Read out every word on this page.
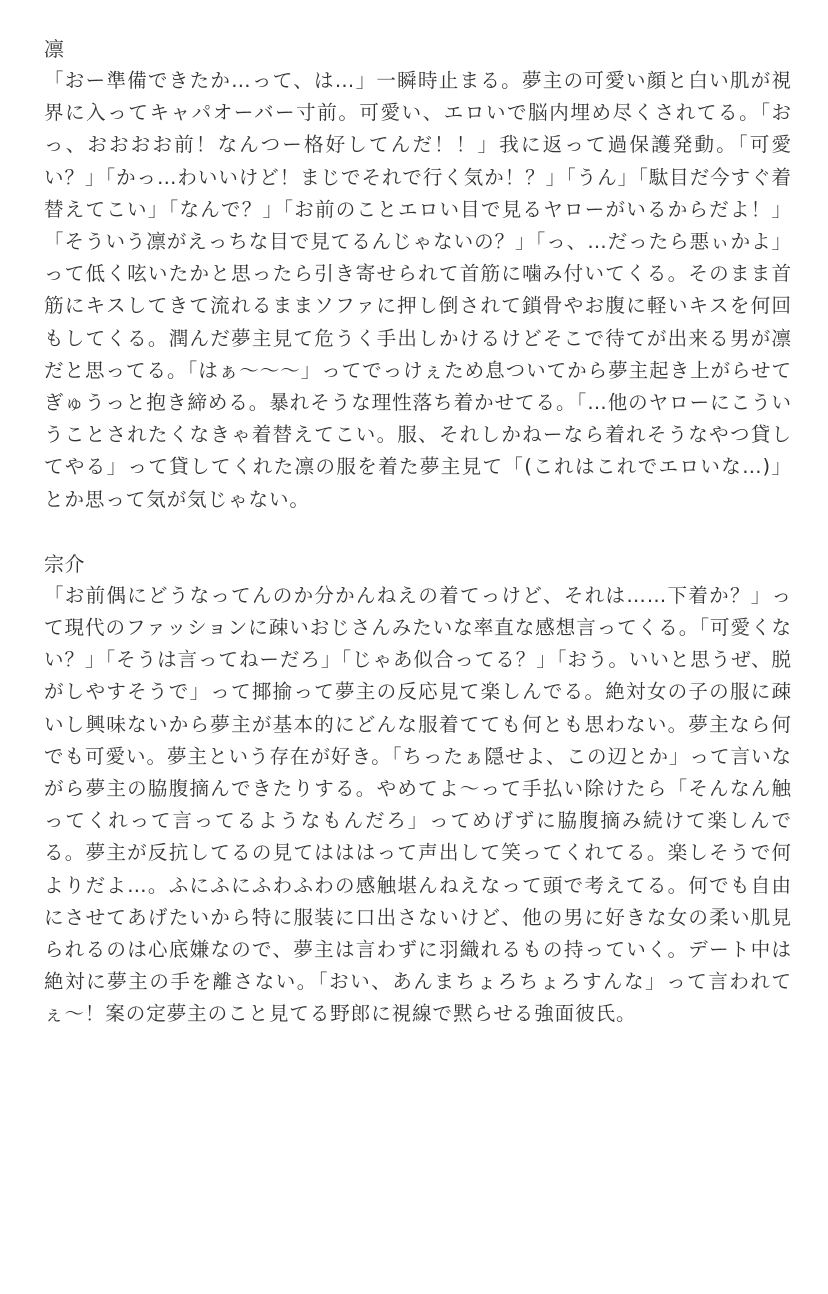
凛

「おー準備できたか…って、は…」一瞬時止まる。夢主の可愛い顔と白い肌が視界に入ってキャパオーバー寸前。可愛い、エロいで脳内埋め尽くされてる。「おっ、おおおお前！なんつー格好してんだ！！」我に返って過保護発動。「可愛い？」「かっ…わいいけど！まじでそれで行く気か！？」「うん」「駄目だ今すぐ着替えてこい」「なんで？」「お前のことエロい目で見るヤローがいるからだよ！」「そういう凛がえっちな目で見てるんじゃないの？」「っ、…だったら悪ぃかよ」って低く呟いたかと思ったら引き寄せられて首筋に噛み付いてくる。そのまま首筋にキスしてきて流れるままソファに押し倒されて鎖骨やお腹に軽いキスを何回もしてくる。潤んだ夢主見て危うく手出しかけるけどそこで待てが出来る男が凛だと思ってる。「はぁ〜〜〜」ってでっけぇため息ついてから夢主起き上がらせてぎゅうっと抱き締める。暴れそうな理性落ち着かせてる。「…他のヤローにこういうことされたくなきゃ着替えてこい。服、それしかねーなら着れそうなやつ貸してやる」って貸してくれた凛の服を着た夢主見て「(これはこれでエロいな…)」とか思って気が気じゃない。

宗介

「お前偶にどうなってんのか分かんねえの着てっけど、それは……下着か？」って現代のファッションに疎いおじさんみたいな率直な感想言ってくる。「可愛くない？」「そうは言ってねーだろ」「じゃあ似合ってる？」「おう。いいと思うぜ、脱がしやすそうで」って揶揄って夢主の反応見て楽しんでる。絶対女の子の服に疎いし興味ないから夢主が基本的にどんな服着てても何とも思わない。夢主なら何でも可愛い。夢主という存在が好き。「ちったぁ隠せよ、この辺とか」って言いながら夢主の脇腹摘んできたりする。やめてよ〜って手払い除けたら「そんなん触ってくれって言ってるようなもんだろ」ってめげずに脇腹摘み続けて楽しんでる。夢主が反抗してるの見てはははって声出して笑ってくれてる。楽しそうで何よりだよ…。ふにふにふわふわの感触堪んねえなって頭で考えてる。何でも自由にさせてあげたいから特に服装に口出さないけど、他の男に好きな女の柔い肌見られるのは心底嫌なので、夢主は言わずに羽織れるもの持っていく。デート中は絶対に夢主の手を離さない。「おい、あんまちょろちょろすんな」って言われてぇ〜！案の定夢主のこと見てる野郎に視線で黙らせる強面彼氏。
